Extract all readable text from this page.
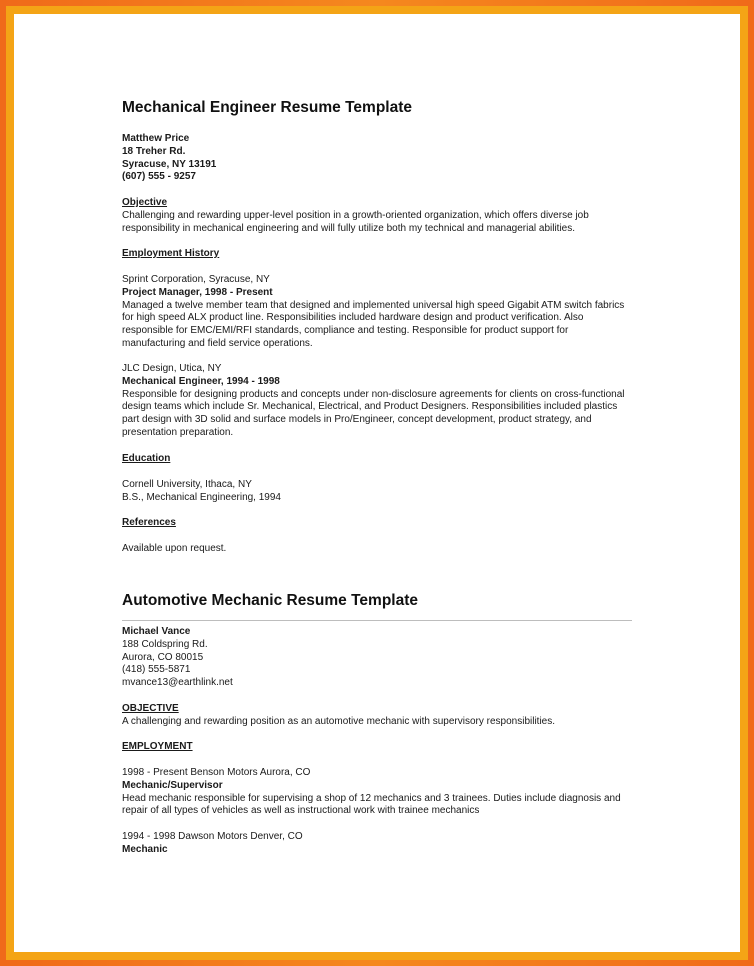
Mechanical Engineer Resume Template
Matthew Price
18 Treher Rd.
Syracuse, NY 13191
(607) 555 - 9257
Objective
Challenging and rewarding upper-level position in a growth-oriented organization, which offers diverse job responsibility in mechanical engineering and will fully utilize both my technical and managerial abilities.
Employment History
Sprint Corporation, Syracuse, NY
Project Manager, 1998 - Present
Managed a twelve member team that designed and implemented universal high speed Gigabit ATM switch fabrics for high speed ALX product line. Responsibilities included hardware design and product verification. Also responsible for EMC/EMI/RFI standards, compliance and testing. Responsible for product support for manufacturing and field service operations.
JLC Design, Utica, NY
Mechanical Engineer, 1994 - 1998
Responsible for designing products and concepts under non-disclosure agreements for clients on cross-functional design teams which include Sr. Mechanical, Electrical, and Product Designers. Responsibilities included plastics part design with 3D solid and surface models in Pro/Engineer, concept development, product strategy, and presentation preparation.
Education
Cornell University, Ithaca, NY
B.S., Mechanical Engineering, 1994
References
Available upon request.
Automotive Mechanic Resume Template
Michael Vance
188 Coldspring Rd.
Aurora, CO 80015
(418) 555-5871
mvance13@earthlink.net
OBJECTIVE
A challenging and rewarding position as an automotive mechanic with supervisory responsibilities.
EMPLOYMENT
1998 - Present Benson Motors Aurora, CO
Mechanic/Supervisor
Head mechanic responsible for supervising a shop of 12 mechanics and 3 trainees. Duties include diagnosis and repair of all types of vehicles as well as instructional work with trainee mechanics
1994 - 1998 Dawson Motors Denver, CO
Mechanic
